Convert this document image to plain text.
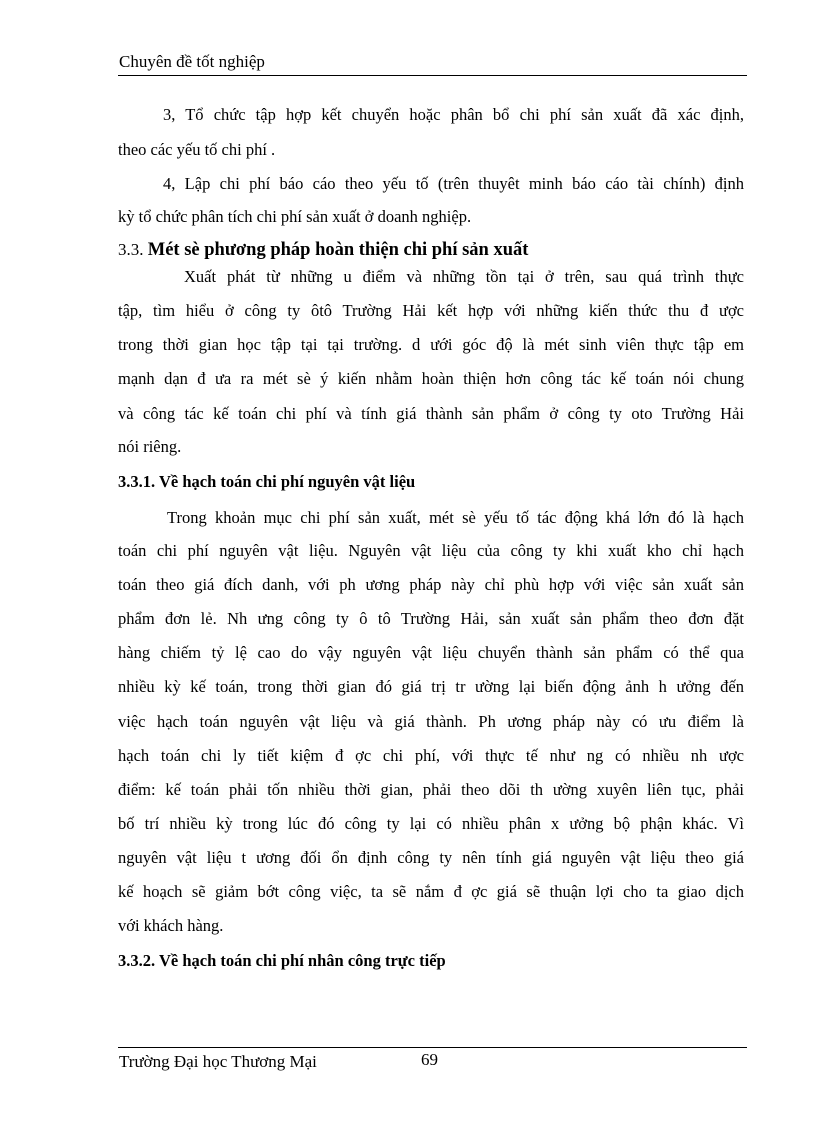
Chuyên đề tốt nghiệp
3, Tổ chức tập hợp kết chuyển hoặc phân bổ chi phí sản xuất đã xác định,
theo các yếu tố chi phí .
4, Lập chi phí báo cáo theo yếu tố (trên thuyêt minh báo cáo tài chính) định
kỳ tổ chức phân tích chi phí sản xuất ở doanh nghiệp.
3.3. Mét sè phương pháp hoàn thiện chi phí sản xuất
Xuất phát từ những u điểm và những tồn tại ở trên, sau quá trình thực
tập, tìm hiểu ở công ty ôtô Trường Hải kết hợp với những kiến thức thu đ ược
trong thời gian học tập tại tại trường. d ưới góc độ là mét sinh viên thực tập em
mạnh dạn đ ưa ra mét sè ý kiến nhằm hoàn thiện hơn công tác kế toán nói chung
và công tác kế toán chi phí và tính giá thành sản phẩm ở công ty oto Trường Hải
nói riêng.
3.3.1. Về hạch toán chi phí nguyên vật liệu
Trong khoản mục chi phí sản xuất, mét sè yếu tố tác động khá lớn đó là hạch
toán chi phí nguyên vật liệu. Nguyên vật liệu của công ty khi xuất kho chỉ hạch
toán theo giá đích danh, với ph ương pháp này chỉ phù hợp với việc sản xuất sản
phẩm đơn lẻ. Nh ưng công ty ô tô Trường Hải, sản xuất sản phẩm theo đơn đặt
hàng chiếm tỷ lệ cao do vậy nguyên vật liệu chuyển thành sản phẩm có thể qua
nhiều kỳ kế toán, trong thời gian đó giá trị tr ường lại biến động ảnh h ưởng đến
việc hạch toán nguyên vật liệu và giá thành. Ph ương pháp này có ưu điểm là
hạch toán chi ly tiết kiệm đ ợc chi phí, với thực tế như ng có nhiều nh ược
điểm: kế toán phải tốn nhiều thời gian, phải theo dõi th ường xuyên liên tục, phải
bố trí nhiều kỳ trong lúc đó công ty lại có nhiều phân x ưởng bộ phận khác. Vì
nguyên vật liệu t ương đối ổn định công ty nên tính giá nguyên vật liệu theo giá
kế hoạch sẽ giảm bớt công việc, ta sẽ nắm đ ợc giá sẽ thuận lợi cho ta giao dịch
với khách hàng.
3.3.2. Về hạch toán chi phí nhân công trực tiếp
Trường Đại học Thương Mại	69
